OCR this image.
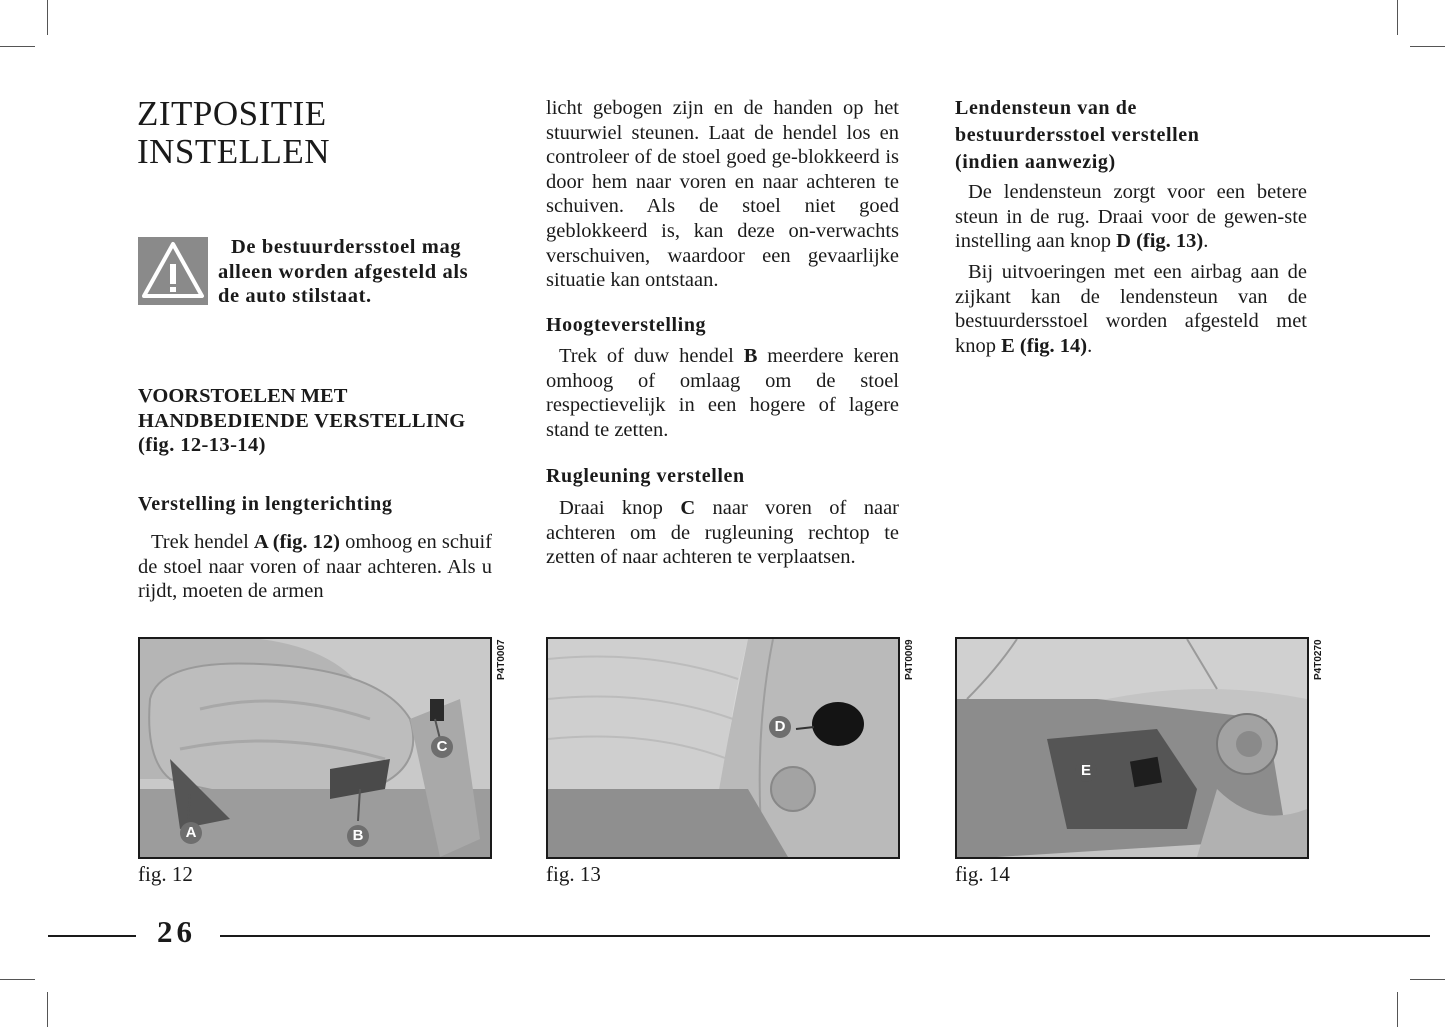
ZITPOSITIE
INSTELLEN
De bestuurdersstoel mag
alleen worden afgesteld als
de auto stilstaat.
VOORSTOELEN MET
HANDBEDIENDE VERSTELLING
(fig. 12-13-14)
Verstelling in lengterichting
Trek hendel A (fig. 12) omhoog en schuif de stoel naar voren of naar achteren. Als u rijdt, moeten de armen
licht gebogen zijn en de handen op het stuurwiel steunen. Laat de hendel los en controleer of de stoel goed ge-blokkeerd is door hem naar voren en naar achteren te schuiven. Als de stoel niet goed geblokkeerd is, kan deze on-verwachts verschuiven, waardoor een gevaarlijke situatie kan ontstaan.
Hoogteverstelling
Trek of duw hendel B meerdere keren omhoog of omlaag om de stoel respectievelijk in een hogere of lagere stand te zetten.
Rugleuning verstellen
Draai knop C naar voren of naar achteren om de rugleuning rechtop te zetten of naar achteren te verplaatsen.
Lendensteun van de
bestuurdersstoel verstellen
(indien aanwezig)
De lendensteun zorgt voor een betere steun in de rug. Draai voor de gewen-ste instelling aan knop D (fig. 13).
Bij uitvoeringen met een airbag aan de zijkant kan de lendensteun van de bestuurdersstoel worden afgesteld met knop E (fig. 14).
A	B
C
P4T0007
fig. 12
D
P4T0009
fig. 13
E
P4T0270
fig. 14
26
